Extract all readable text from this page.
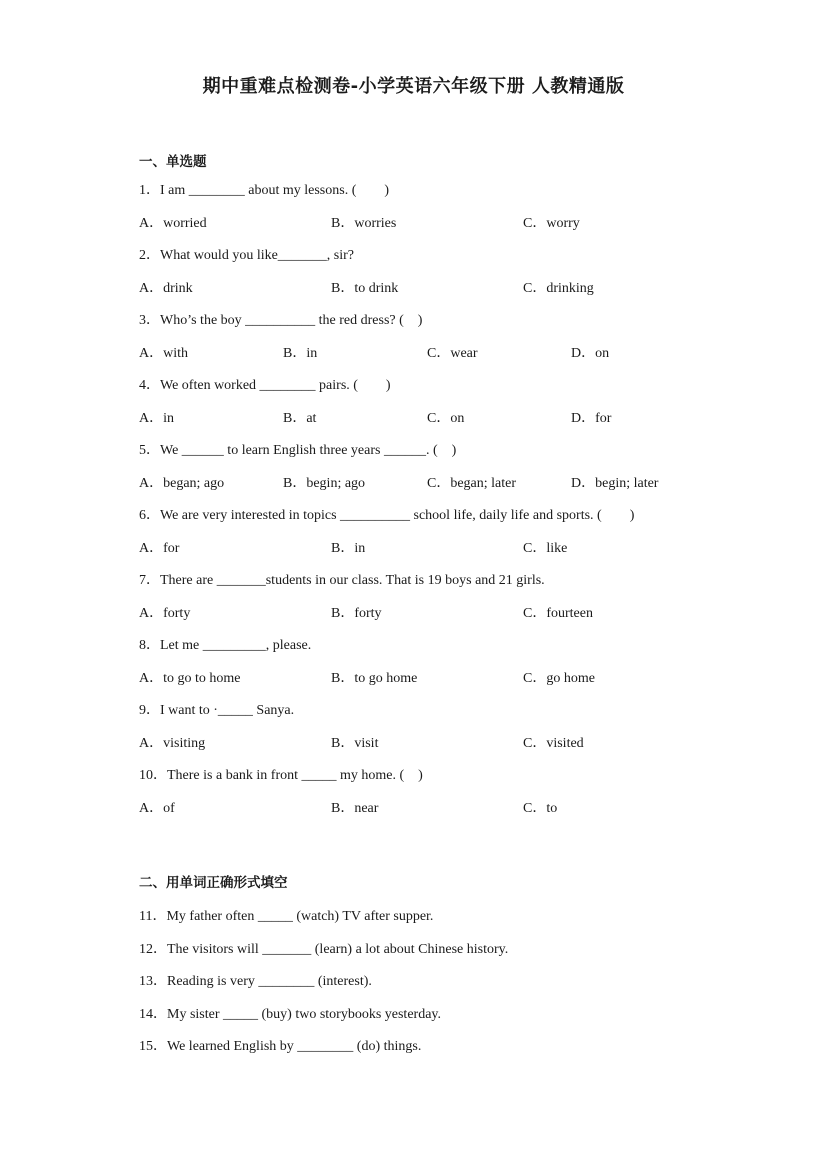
期中重难点检测卷-小学英语六年级下册 人教精通版
一、单选题
1．I am ________ about my lessons. (        )
A．worried	B．worries	C．worry
2．What would you like_______, sir?
A．drink	B．to drink	C．drinking
3．Who’s the boy __________ the red dress? (    )
A．with	B．in	C．wear	D．on
4．We often worked ________ pairs. (        )
A．in	B．at	C．on	D．for
5．We ______ to learn English three years ______. (    )
A．began; ago	B．begin; ago	C．began; later	D．begin; later
6．We are very interested in topics __________ school life, daily life and sports. (        )
A．for	B．in	C．like
7．There are _______students in our class. That is 19 boys and 21 girls.
A．forty	B．forty	C．fourteen
8．Let me _________, please.
A．to go to home	B．to go home	C．go home
9．I want to ·_____ Sanya.
A．visiting	B．visit	C．visited
10．There is a bank in front _____ my home. (    )
A．of	B．near	C．to
二、用单词正确形式填空
11．My father often _____ (watch) TV after supper.
12．The visitors will _______ (learn) a lot about Chinese history.
13．Reading is very ________ (interest).
14．My sister _____ (buy) two storybooks yesterday.
15．We learned English by ________ (do) things.
